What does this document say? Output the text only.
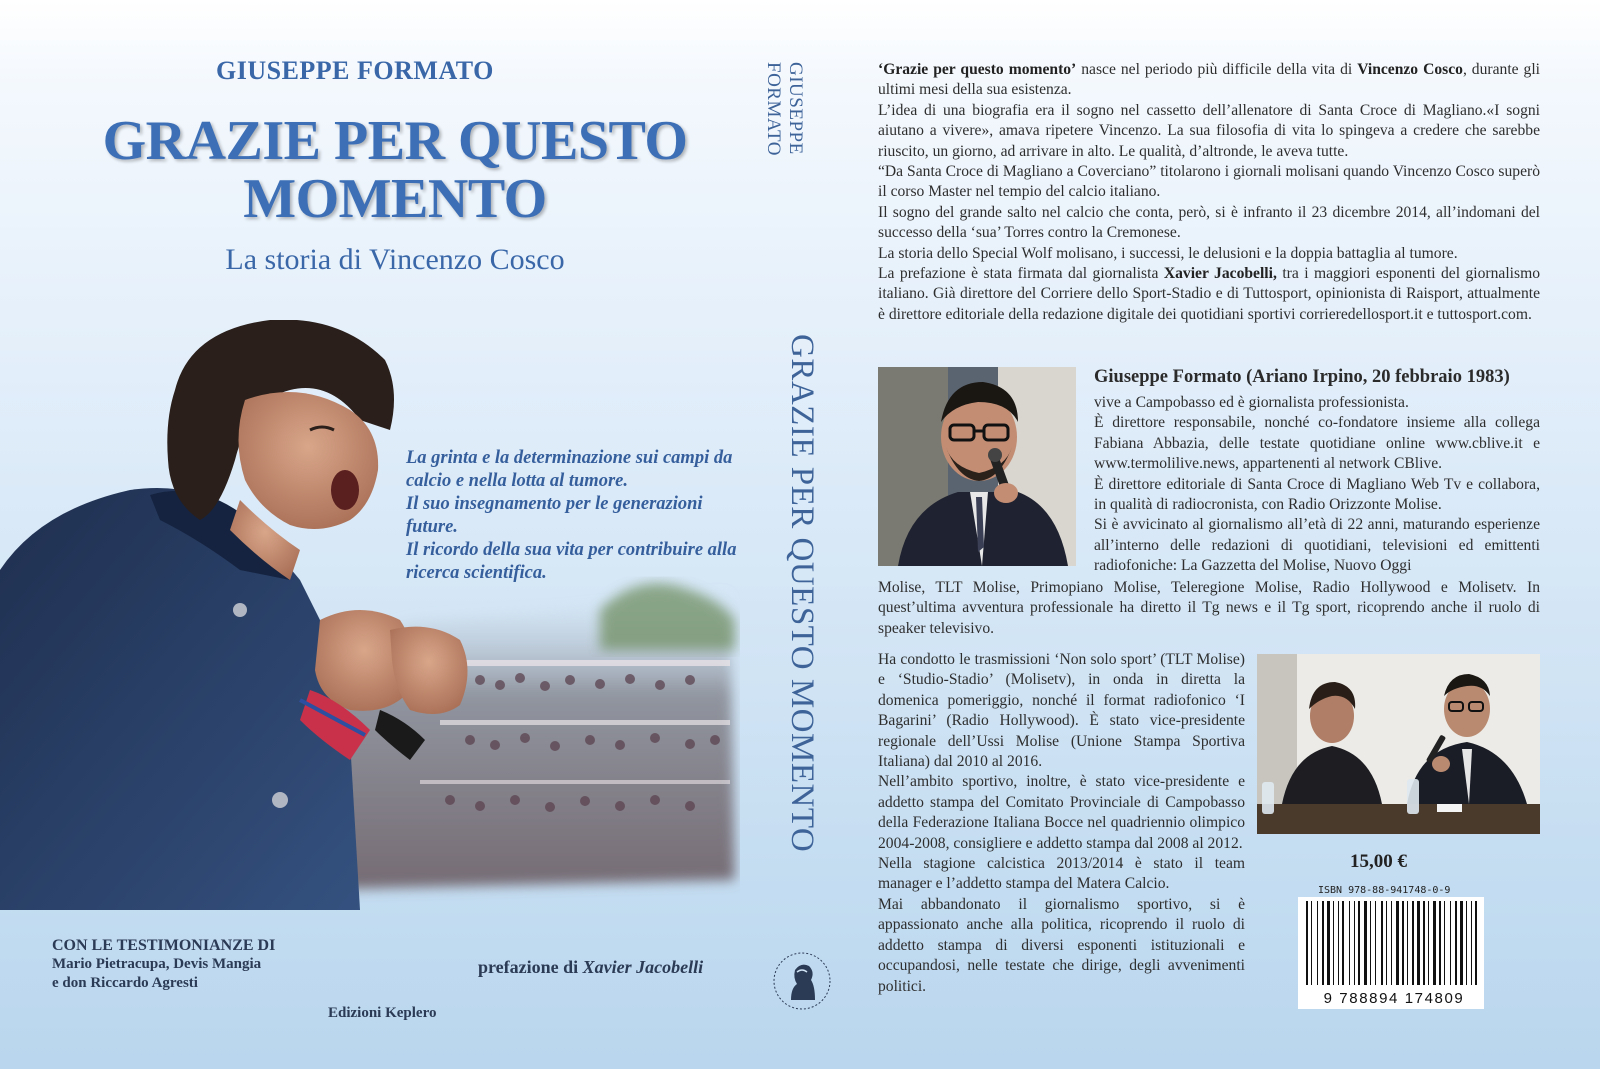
GIUSEPPE FORMATO
GRAZIE PER QUESTO
MOMENTO
La storia di Vincenzo Cosco

La grinta e la determinazione sui campi da calcio e nella lotta al tumore.

Il suo insegnamento per le generazioni future.

Il ricordo della sua vita per contribuire alla ricerca scientifica.

CON LE TESTIMONIANZE DI
Mario Pietracupa, Devis Mangia
e don Riccardo Agresti
prefazione di Xavier Jacobelli
Edizioni Keplero
GIUSEPPE FORMATO
GRAZIE PER QUESTO MOMENTO

‘Grazie per questo momento’ nasce nel periodo più difficile della vita di Vincenzo Cosco, durante gli ultimi mesi della sua esistenza.

L’idea di una biografia era il sogno nel cassetto dell’allenatore di Santa Croce di Magliano.«I sogni aiutano a vivere», amava ripetere Vincenzo. La sua filosofia di vita lo spingeva a credere che sarebbe riuscito, un giorno, ad arrivare in alto. Le qualità, d’altronde, le aveva tutte.

“Da Santa Croce di Magliano a Coverciano” titolarono i giornali molisani quando Vincenzo Cosco superò il corso Master nel tempio del calcio italiano.

Il sogno del grande salto nel calcio che conta, però, si è infranto il 23 dicembre 2014, all’indomani del successo della ‘sua’ Torres contro la Cremonese.

La storia dello Special Wolf molisano, i successi, le delusioni e la doppia battaglia al tumore.

La prefazione è stata firmata dal giornalista Xavier Jacobelli, tra i maggiori esponenti del giornalismo italiano. Già direttore del Corriere dello Sport-Stadio e di Tuttosport, opinionista di Raisport, attualmente è direttore editoriale della redazione digitale dei quotidiani sportivi corrieredellosport.it e tuttosport.com.

Giuseppe Formato (Ariano Irpino, 20 febbraio 1983)

vive a Campobasso ed è giornalista professionista.

È direttore responsabile, nonché co-fondatore insieme alla collega Fabiana Abbazia, delle testate quotidiane online www.cblive.it e www.termolilive.news, appartenenti al network CBlive.

È direttore editoriale di Santa Croce di Magliano Web Tv e collabora, in qualità di radiocronista, con Radio Orizzonte Molise.

Si è avvicinato al giornalismo all’età di 22 anni, maturando esperienze all’interno delle redazioni di quotidiani, televisioni ed emittenti radiofoniche: La Gazzetta del Molise, Nuovo Oggi

Molise, TLT Molise, Primopiano Molise, Teleregione Molise, Radio Hollywood e Molisetv. In quest’ultima avventura professionale ha diretto il Tg news e il Tg sport, ricoprendo anche il ruolo di speaker televisivo.

Ha condotto le trasmissioni ‘Non solo sport’ (TLT Molise) e ‘Studio-Stadio’ (Molisetv), in onda in diretta la domenica pomeriggio, nonché il format radiofonico ‘I Bagarini’ (Radio Hollywood). È stato vice-presidente regionale dell’Ussi Molise (Unione Stampa Sportiva Italiana) dal 2010 al 2016.

Nell’ambito sportivo, inoltre, è stato vice-presidente e addetto stampa del Comitato Provinciale di Campobasso della Federazione Italiana Bocce nel quadriennio olimpico 2004-2008, consigliere e addetto stampa dal 2008 al 2012.

Nella stagione calcistica 2013/2014 è stato il team manager e l’addetto stampa del Matera Calcio.

Mai abbandonato il giornalismo sportivo, si è appassionato anche alla politica, ricoprendo il ruolo di addetto stampa di diversi esponenti istituzionali e occupandosi, nelle testate che dirige, degli avvenimenti politici.

15,00 €
ISBN 978-88-941748-0-9
9 788894 174809
